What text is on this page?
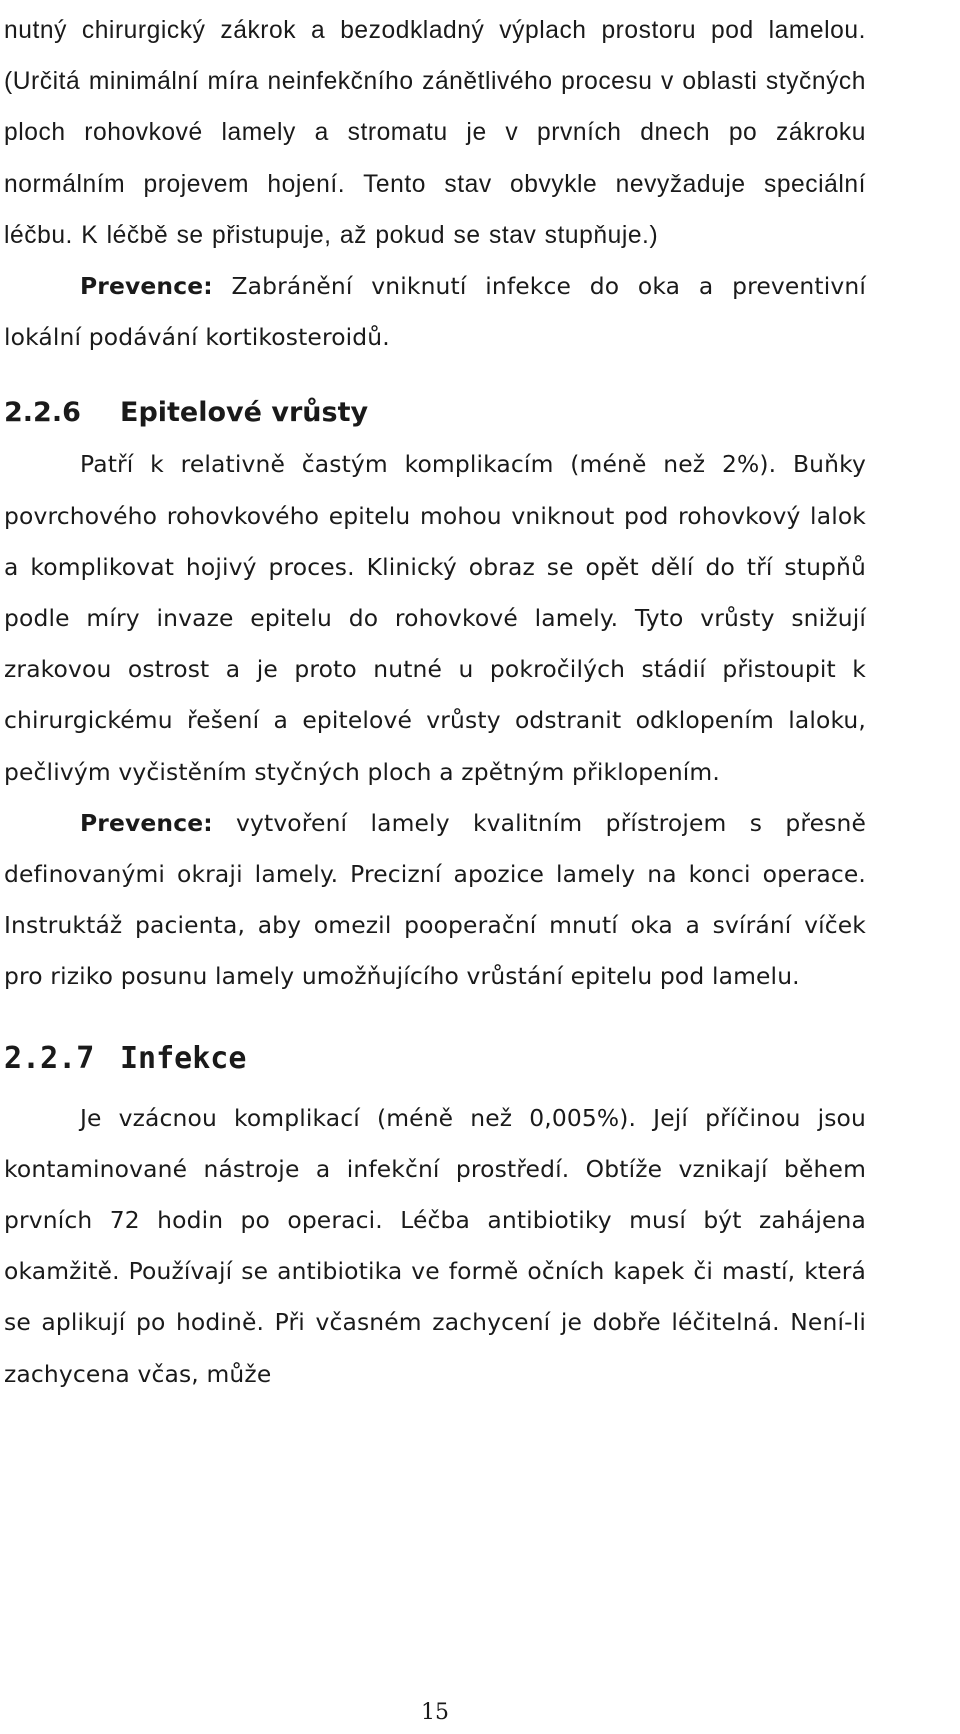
nutný chirurgický zákrok a bezodkladný výplach prostoru pod lamelou. (Určitá minimální míra neinfekčního zánětlivého procesu v oblasti styčných ploch rohovkové lamely a stromatu je v prvních dnech po zákroku normálním projevem hojení. Tento stav obvykle nevyžaduje speciální léčbu. K léčbě se přistupuje, až pokud se stav stupňuje.)

Prevence: Zabránění vniknutí infekce do oka a preventivní lokální podávání kortikosteroidů.

2.2.6	Epitelové vrůsty

Patří k relativně častým komplikacím (méně než 2%). Buňky povrchového rohovkového epitelu mohou vniknout pod rohovkový lalok a komplikovat hojivý proces. Klinický obraz se opět dělí do tří stupňů podle míry invaze epitelu do rohovkové lamely. Tyto vrůsty snižují zrakovou ostrost a je proto nutné u pokročilých stádií přistoupit k chirurgickému řešení a epitelové vrůsty odstranit odklopením laloku, pečlivým vyčistěním styčných ploch a zpětným přiklopením.

Prevence: vytvoření lamely kvalitním přístrojem s přesně definovanými okraji lamely. Precizní apozice lamely na konci operace. Instruktáž pacienta, aby omezil pooperační mnutí oka a svírání víček pro riziko posunu lamely umožňujícího vrůstání epitelu pod lamelu.

2.2.7 Infekce

Je vzácnou komplikací (méně než 0,005%). Její příčinou jsou kontaminované nástroje a infekční prostředí. Obtíže vznikají během prvních 72 hodin po operaci. Léčba antibiotiky musí být zahájena okamžitě. Používají se antibiotika ve formě očních kapek či mastí, která se aplikují po hodině. Při včasném zachycení je dobře léčitelná. Není-li zachycena včas, může

15
